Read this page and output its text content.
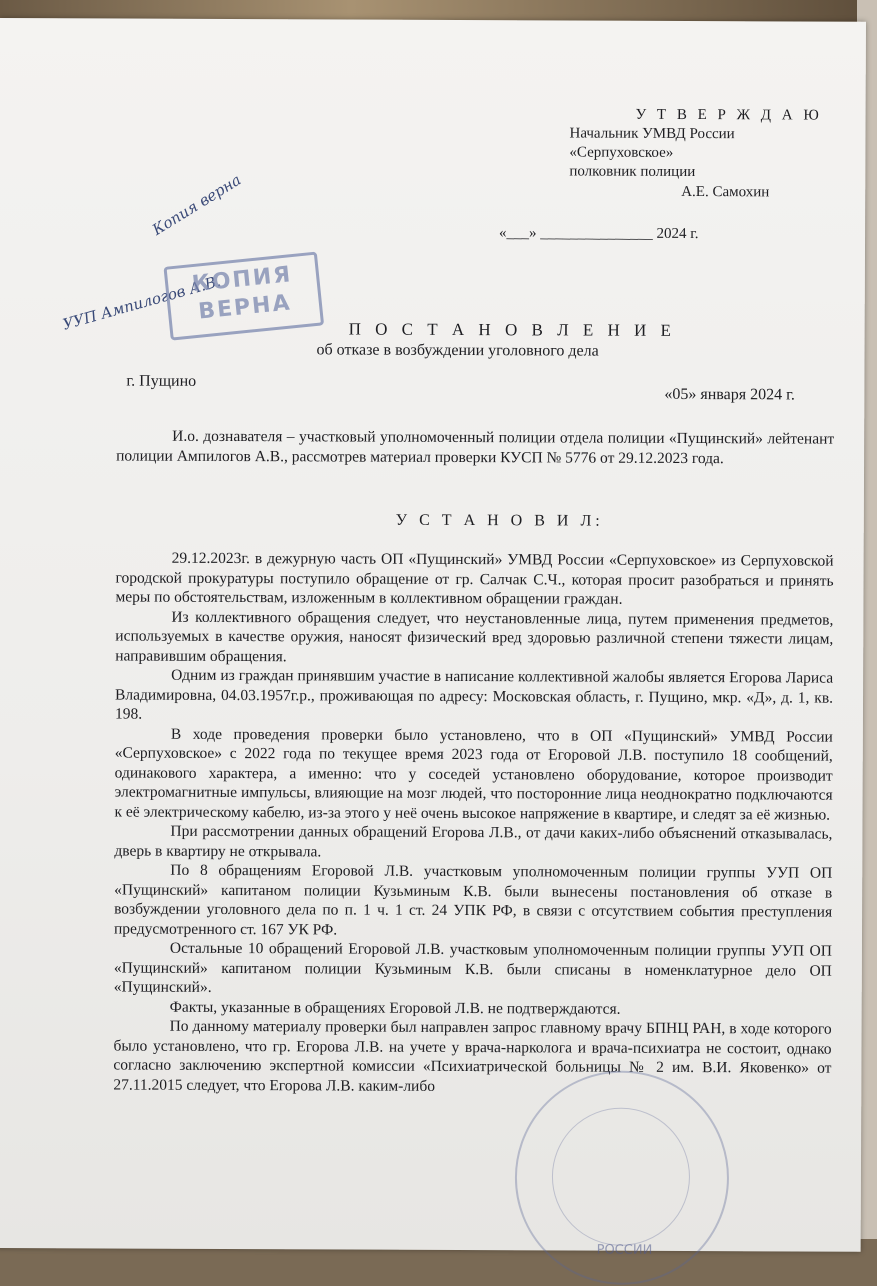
У Т В Е Р Ж Д А Ю
Начальник УМВД России
«Серпуховское»
полковник полиции
А.Е. Самохин
«___» _______________ 2024 г.
Копия верна
УУП Ампилогов А.В.
КОПИЯ
ВЕРНА
П О С Т А Н О В Л Е Н И Е
об отказе в возбуждении уголовного дела
г. Пущино
«05» января 2024 г.

И.о. дознавателя – участковый уполномоченный полиции отдела полиции «Пущинский» лейтенант полиции Ампилогов А.В., рассмотрев материал проверки КУСП № 5776 от 29.12.2023 года.

У С Т А Н О В И Л:

29.12.2023г. в дежурную часть ОП «Пущинский» УМВД России «Серпуховское» из Серпуховской городской прокуратуры поступило обращение от гр. Салчак С.Ч., которая просит разобраться и принять меры по обстоятельствам, изложенным в коллективном обращении граждан.

Из коллективного обращения следует, что неустановленные лица, путем применения предметов, используемых в качестве оружия, наносят физический вред здоровью различной степени тяжести лицам, направившим обращения.

Одним из граждан принявшим участие в написание коллективной жалобы является Егорова Лариса Владимировна, 04.03.1957г.р., проживающая по адресу: Московская область, г. Пущино, мкр. «Д», д. 1, кв. 198.

В ходе проведения проверки было установлено, что в ОП «Пущинский» УМВД России «Серпуховское» с 2022 года по текущее время 2023 года от Егоровой Л.В. поступило 18 сообщений, одинакового характера, а именно: что у соседей установлено оборудование, которое производит электромагнитные импульсы, влияющие на мозг людей, что посторонние лица неоднократно подключаются к её электрическому кабелю, из-за этого у неё очень высокое напряжение в квартире, и следят за её жизнью.

При рассмотрении данных обращений Егорова Л.В., от дачи каких-либо объяснений отказывалась, дверь в квартиру не открывала.

По 8 обращениям Егоровой Л.В. участковым уполномоченным полиции группы УУП ОП «Пущинский» капитаном полиции Кузьминым К.В. были вынесены постановления об отказе в возбуждении уголовного дела по п. 1 ч. 1 ст. 24 УПК РФ, в связи с отсутствием события преступления предусмотренного ст. 167 УК РФ.

Остальные 10 обращений Егоровой Л.В. участковым уполномоченным полиции группы УУП ОП «Пущинский» капитаном полиции Кузьминым К.В. были списаны в номенклатурное дело ОП «Пущинский».

Факты, указанные в обращениях Егоровой Л.В. не подтверждаются.

По данному материалу проверки был направлен запрос главному врачу БПНЦ РАН, в ходе которого было установлено, что гр. Егорова Л.В. на учете у врача-нарколога и врача-психиатра не состоит, однако согласно заключению экспертной комиссии «Психиатрической больницы № 2 им. В.И. Яковенко» от 27.11.2015 следует, что Егорова Л.В. каким-либо

РОССИИ
